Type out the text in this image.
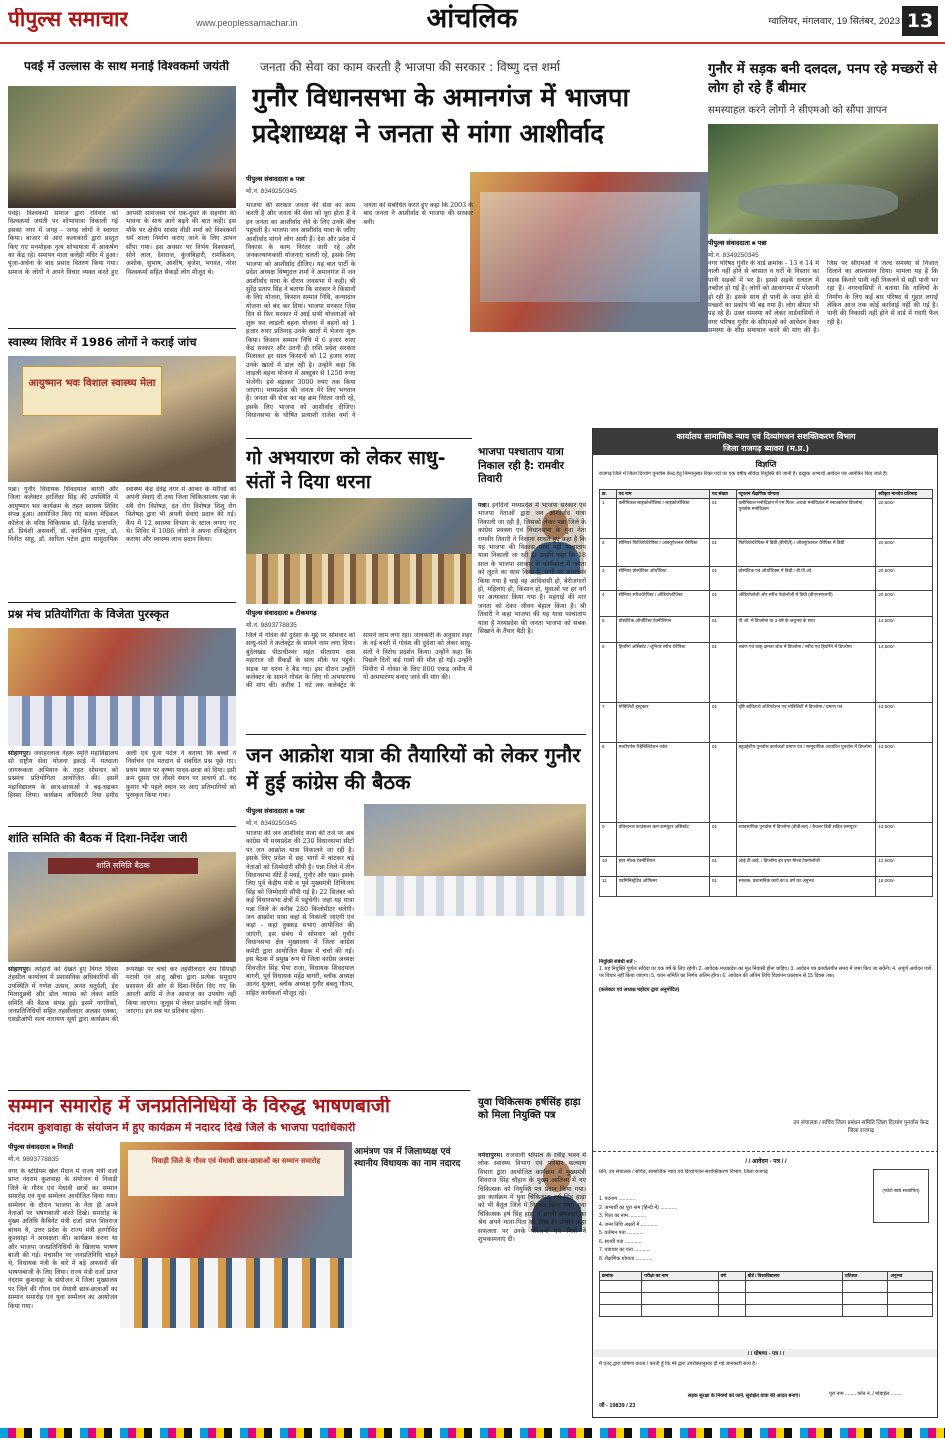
पीपुल्स समाचार	www.peoplessamachar.in	आंचलिक	ग्वालियर, मंगलवार, 19 सितंबर, 2023 13
पवई में उल्लास के साथ मनाई विश्वकर्मा जयंती
पवई। विश्वकर्मा समाज द्वारा रविवार को विश्वकर्मा जयंती पर शोभायात्रा निकाली गई इसका नगर में जगह - जगह लोगों ने स्वागत किया। बाजार से आए कलाकारों द्वारा प्रस्तुत किए गए मनमोहक नृत्य शोभायात्रा में आकर्षण का केंद्र रहे। समापन माता कलेही मंदिर में हुआ। पूजा-अर्चना के बाद प्रसाद वितरण किया गया। समाज के लोगों ने अपने विचार व्यक्त करते हुए आपसी सामंजस्य एवं एक-दूसरे के सहयोग की भावना के साथ आगे बढ़ने की बात कही। इस मौके पर क्षेत्रीय सांसद वीडी शर्मा को विश्वकर्मा धर्म शाला निर्माण कराए जाने के लिए ज्ञापन सौंपा गया। इस अवसर पर निर्भय विश्वकर्मा, सोने लाल, देशराज, कुंजबिहारी, रामकिशन, अशोक, सुभाष, आशीष, बृजेश, भगवत, नरेश विश्वकर्मा सहित सैकड़ों लोग मौजूद थे।
स्वास्थ्य शिविर में 1986 लोगों ने कराई जांच
आयुष्मान भवः विशाल स्वास्थ्य मेला
पन्ना। गुनौर विधायक शिवदयाल बागरी और जिला कलेक्टर हरजिंदर सिंह की उपस्थिति में आयुष्मान भव कार्यक्रम के तहत स्वास्थ्य शिविर संपन्न हुआ। आयोजित किए गए सतना मेडिकल कॉलेज के वरिष्ठ चिकित्सक डॉ. हितेंद्र प्रजापति, डॉ. प्रियंशी असवर्थी, डॉ. कार्तिकेय गुप्ता, डॉ. विनीत साहू, डॉ. सारिता पटेल द्वारा सामुदायिक स्वास्थ्य केंद्र देवेंद्र नगर में आकर के मरीजों को अपनी सेवाएं दी तथा जिला चिकित्सालय पन्ना के स्त्री रोग विशेषज्ञ, दंत रोग विशेषज्ञ शिशु रोग विशेषज्ञ द्वारा भी अपनी सेवाएं प्रदान की गई। कैंप में 12 स्वास्थ्य विभाग के स्टाल लगाए गए थे। शिविर में 1986 लोगों ने अपना रजिस्ट्रेशन कराया और स्वास्थ्य लाभ प्रदान किया।
प्रश्न मंच प्रतियोगिता के विजेता पुरस्कृत
सोहागपुर। जवाहरलाल नेहरू स्मृति महाविद्यालय सो राष्ट्रीय सेवा योजना इकाई में मतदाता जागरूकता अभियान के तहत सोमवार को प्रश्नमंच प्रतियोगिता आयोजित की। इसमें महाविद्यालय के छात्र-छात्राओं ने बढ़-चढ़कर हिस्सा लिया। कार्यक्रम अधिकारी रिया हमीद अली एवं पूजा पटेल ने बताया कि बच्चों ने निर्वाचन एवं मतदान से संबंधित प्रश्न पूछे गए। प्रथम स्थान पर कृष्णा यादव-छात्रा को दिया। इसी क्रम दूसरा एवं तीसरे स्थान पर प्राचार्य डॉ. नंद कुमार भी पहले स्थान पर आए प्रतिभागियों को पुरस्कृत किया गया।
शांति समिति की बैठक में दिशा-निर्देश जारी
शांति समिति बैठक
सोहागपुर। त्योहारों को देखते हुए विगत दिवस तहसील कार्यालय में प्रशासनिक अधिकारियों की उपस्थिति में गणेश उत्सव, अनंत चतुर्दशी, ईद मिलादुन्नबी और डोल ग्यारस को लेकर शांति समिति की बैठक संपन्न हुई। इसमें नागरिकों, जनप्रतिनिधियों सहित तहसीलदार अलका एक्का, एसडीओपी सत्य नारायण सूर्या द्वारा कार्यक्रम की रूपरेखा पर चर्चा कर तहसीलदार राम सिपाही मरावी एवं अंजू खीचा द्वारा प्रत्येक समुदाय प्रशासन की ओर से दिशा-निर्देश दिए गए कि आरती आदि में तेज आवाज का उपयोग नहीं किया जाएगा। जुलूस में लेकर प्रदर्शन नहीं किया जाएगा। इन सब पर प्रतिबंध रहेगा।
जनता की सेवा का काम करती है भाजपा की सरकार : विष्णु दत्त शर्मा
गुनौर विधानसभा के अमानगंज में भाजपा प्रदेशाध्यक्ष ने जनता से मांगा आशीर्वाद
पीपुल्स संवाददाता ■ पन्ना
मो.नं. 8349250345
भाजपा की सरकार जनता की सेवा का काम करती है और जनता की सेवा को पूरा होता हैं वे इन जनता का आशीर्वाद लेने के लिए उनके बीच पहुंचती है। भाजपा जन आशीर्वाद यात्रा के जरिए आशीर्वाद मांगने लोग आयी हैं। देश और प्रदेश में विकास के काम निरंतर जारी रहे और जनकल्याणकारी योजनाएं चलती रहें, इसके लिए भाजपा को आशीर्वाद दीजिए। यह बात पार्टी के प्रदेश अध्यक्ष विष्णुदत्त शर्मा ने अमानगंज में जन आशीर्वाद यात्रा के दौरान जनसभा में कही। श्री सुरेंद्र प्रताप सिंह ने बताया कि सरकार ने किसानों के लिए योजना, किसान सम्मान निधि, कन्यादान योजना को बंद कर दिया। भाजपा सरकार जिस दिन से फिर सरकार में आई सभी योजनाओं को शुरू कर लाड़ली बहना योजना में बहनों को 1 हजार रुपए प्रतिमाह उनके खातों में भेजना शुरू किया। किसान सम्मान निधि में 6 हजार रुपए केंद्र सरकार और उतनी ही राशि प्रदेश सरकार मिलाकर हर साल किसानों को 12 हजार रुपए उनके खातों में डाल रही है। उन्होंने कहा कि लाड़ली बहना योजना में अक्टूबर से 1250 रुपए भेजेंगी। इसे बढ़ाकर 3000 रुपए तक किया जाएगा। मध्यप्रदेश की जनता मेरे लिए भगवान है। जनता की सेवा का यह क्रम निरंतर जारी रहे, इसके लिए भाजपा को आशीर्वाद दीजिए। विधानसभा के घोषित प्रत्याशी राजेश वर्मा ने जनता को संबोधित करते हुए कहा कि 2003 के बाद जनता ने आशीर्वाद से भाजपा की सरकार बनी।
गो अभयारण को लेकर साधु-संतों ने दिया धरना
पीपुल्स संवाददाता ■ टीकमगढ़
मो.नं. 9893778835
जिले में गोवंश की दुर्दशा के मुद्दे पर सोमवार को साधु-संतों ने कलेक्ट्रेट के सामने जाम लगा दिया। बुंदेलखंड पीठाधीश्वर महंत सीताराम दास महाराज जी सैकड़ों के साथ मौके पर पहुंचे। सड़क पर धरना दे बैठ गए। इस दौरान उन्होंने कलेक्टर के सामने गोवंश के लिए गो अभयारण्य की मांग की। करीब 1 घंटे तक कलेक्ट्रेट के सामने जाम लगा रहा। जानकारी के अनुसार शहर के नई बस्ती में गोवंश की दुर्दशा को लेकर साधु-संतों ने विरोध प्रदर्शन किया। उन्होंने कहा कि पिछले दिनों कई गायों की मौत हो गई। उन्होंने मिनौरा में गोवंश के लिए 800 एकड़ जमीन में गो अभयारण्य बनाए जाने की मांग की।
भाजपा पश्चाताप यात्रा निकाल रही है: रामवीर तिवारी
पन्ना। इनदिनों मध्यप्रदेश में भाजपा सरकार एवं भाजपा नेताओं द्वारा जन आशीर्वाद यात्रा निकाली जा रही है, जिसको लेकर पन्ना जिले के कांग्रेस प्रवक्ता एवं विधानसभा के युवा नेता रामवीर तिवारी ने निशाना साधते हुए कहा है कि यह भाजपा की विकास यात्रा नहीं पश्चाताप यात्रा निकाली जा रही है। उन्होंने कहा कि 18 साल के भाजपा सरकार के कार्यकाल में जनता को लूटने का काम किया है, सभी पर अत्याचार किया गया है चाहे वह आदिवासी हो, बेरोजगारों हो, महिलाएं हो, किसान हो, युवाओं पर हर वर्ग पर अत्याचार किया गया है। महंगाई की मार जनता को देकर जीवन बेहाल किया है। श्री तिवारी ने कहा भाजपा की यह यात्रा पश्चाताप यात्रा है मध्यप्रदेश की जनता भाजपा को सबक सिखाने के तैयार बैठी है।
जन आक्रोश यात्रा की तैयारियों को लेकर गुनौर में हुई कांग्रेस की बैठक
पीपुल्स संवाददाता ■ पन्ना
मो.नं. 8349250345
भाजपा की जन आशीर्वाद यात्रा की तर्ज पर अब कांग्रेस भी मध्यप्रदेश की 230 विधानसभा सीटों पर जन आक्रोश यात्रा निकालने जा रही है। इसके लिए प्रदेश में छह भागों में बांटकर बड़े नेताओं को जिम्मेदारी सौंपी है। पन्ना जिले में तीन विधानसभा सीटें हैं पवई, गुनौर और पन्ना। इसके लिए पूर्व केंद्रीय मंत्री व पूर्व मुख्यमंत्री दिग्विजय सिंह को जिम्मेदारी सौंपी गई है। 22 सितंबर को कई विधानसभा क्षेत्रों में पहुंचेगी। जहां यह यात्रा पन्ना जिले के करीब 280 किलोमीटर चलेगी। जन आक्रोश यात्रा कहां से निकाली जाएगी एवं कहां - कहां नुक्कड़ सभाएं आयोजित की जाएंगी, इस संबंध में सोमवार को गुनौर विधानसभा क्षेत्र मुख्यालय में जिला कांग्रेस कमेटी द्वारा आयोजित बैठक में चर्चा की गई। इस बैठक में प्रमुख रूप से जिला कांग्रेस अध्यक्ष शिवजीत सिंह भैया राजा, विधायक शिवदयाल बागरी, पूर्व विधायक महेंद्र बागरी, ब्लॉक अध्यक्ष आनंद शुक्ला, ब्लॉक अध्यक्ष गुनौर बबलू गौतम, सहित कार्यकर्ता मौजूद रहे।
गुनौर में सड़क बनी दलदल, पनप रहे मच्छरों से लोग हो रहे हैं बीमार
समस्याहल करने लोगों ने सीएमओ को सौंपा ज्ञापन
पीपुल्स संवाददाता ■ पन्ना
मो.नं. 8349250345
नगर परिषद गुनौर के वार्ड क्रमांक - 13 व 14 में नाली नहीं होने से बरसात व घरों के निस्तार का पानी सड़कों में भर है। इससे सड़कें दलदल में तब्दील हो गई हैं। लोगों को आवागमन में परेशानी हो रही है। इसके साथ ही पानी के जमा होने से मच्छरों का प्रकोप भी बढ़ गया है। लोग बीमार भी पड़ रहे हैं। उक्त समस्या को लेकर वार्डवासियों ने नगर परिषद गुनौर के सीएमओ को आवेदन देकर समस्या के शीघ्र समाधान करने की मांग की है। जिस पर सीएमओ ने जल्द समस्या से निजात दिलाने का आश्वासन दिया। मामला यह है कि सड़क किनारे पानी नहीं निकलने से यही पानी भर रहा है। नगरवासियों ने बताया कि नालियों के निर्माण के लिए कई बार परिषद से गुहार लगाई लेकिन आज तक कोई कार्रवाई नहीं की गई है। पानी की निकासी नहीं होने से वार्ड में गंदगी फैल रही है।
कार्यालय सामाजिक न्याय एवं दिव्यांगजन सशक्तिकरण विभाग
जिला राजगढ़ ब्यावरा (म.प्र.)
विज्ञप्ति
राजगढ़ जिले में जिला दिव्यांग पुनर्वास केन्द्र हेतु निम्नानुसार रिक्त पदों पर एक वर्षीय संविदा नियुक्ति की जानी है। इच्छुक अभ्यर्थी आवेदन पत्र आमंत्रित किए जाते हैं।
क्र.	पद नाम	पद संख्या	न्यूनतम शैक्षणिक योग्यता	स्वीकृत मानदेय प्रतिमाह
1	क्लीनिकल साइकोलॉजिस्ट / साइकोलॉजिस्ट	01	क्लीनिकल मनोविज्ञान में एम.फिल. अथवा मनोविज्ञान में स्नातकोत्तर डिप्लोमा, पुनर्वास मनोविज्ञान	20,500/-
2	सीनियर फिजियोथेरेपिस्ट / आक्यूपेशनल थैरेपिस्ट	01	फिजियोथेरेपिस्ट में डिग्री (बीपीटी) / ऑक्यूपेशनल थैरेपिस्ट में डिग्री	20,500/-
3	सीनियर प्रोस्थेटिस्ट ऑर्थोटिस्ट	01	प्रोस्थेटिक एवं ऑर्थोटिक्स में डिग्री / बी.पी.ओ.	20,500/-
4	सीनियर स्पीचथेरेपिस्ट / ऑडियोलॉजिस्ट	01	ऑडियोलॉजी और स्पीच पेथोलॉजी में डिग्री (बीएएसएलपी)	20,500/-
5	प्रोस्थेटिक ऑर्थोटिस्ट टेक्नीशियन	01	पी.ओ. में डिप्लोमा या 3 वर्ष के अनुभव के साथ	14,500/-
6	हियरिंग असिस्टेंट / जूनियर स्पीच थेरेपिस्ट	01	श्रवण एवं वाक् क्षमता जांच में डिप्लोमा / स्पीच एवं हियरिंग में डिप्लोमा	14,500/-
7	मोबिलिटी इंस्ट्रक्टर	01	दृष्टि बाधितार्थ ओरिएंटेशन एवं मोबिलिटी में डिप्लोमा / प्रमाण पत्र	14,500/-
8	मल्टीपर्पस रिहैबिलिटेशन वर्कर	01	बहुउद्देशीय पुनर्वास कार्यकर्ता प्रमाण पत्र / सामुदायिक आधारित पुनर्वास में डिप्लोमा	14,500/-
9	वोकेशनल काउंसलर कम कम्प्यूटर असिस्टेंट	01	व्यावसायिक पुनर्वास में डिप्लोमा (डीवीआर) / बैचलर डिग्री सहित कम्प्यूटर	14,500/-
10	इयर मोल्ड टेक्नीशियन	01	आई.टी.आई. / डिप्लोमा इन इयर मोल्ड टेक्नोलॉजी	12,500/-
11	एडमिनिस्ट्रेटिव ऑफिसर	01	स्नातक, प्रशासनिक कार्य का 5 वर्ष का अनुभव	18,000/-
नियुक्ति संबंधी शर्तें :-
1. यह नियुक्ति पूर्णतः संविदा पर एक वर्ष के लिए रहेगी। 2. आवेदक मध्यप्रदेश का मूल निवासी होना चाहिए। 3. आवेदन पत्र कार्यालयीन समय में जमा किए जा सकेंगे। 4. अपूर्ण आवेदन पत्रों पर विचार नहीं किया जाएगा। 5. चयन समिति का निर्णय अंतिम होगा। 6. आवेदन की अंतिम तिथि विज्ञापन प्रकाशन से 15 दिवस तक।
(कलेक्टर एवं अध्यक्ष महोदय द्वारा अनुमोदित)
उप संचालक / सचिव जिला प्रबंधन समिति जिला दिव्यांग पुनर्वास केन्द्र जिला राजगढ़
/ / आवेदन - पत्र / /
प्रति, उप संचालक / सचिव, सामाजिक न्याय एवं दिव्यांगजन सशक्तिकरण विभाग, जिला राजगढ़
(फोटो स्वयं सत्यापित)
1. पदनाम ............
2. अभ्यर्थी का पूरा नाम (हिन्दी में) ............
3. पिता का नाम ............
4. जन्म तिथि अक्षरों में ............
5. वर्तमान पता ............
6. स्थायी पता ............
7. पत्राचार का पता ............
8. शैक्षणिक योग्यता ............
क्रमांक	परीक्षा का नाम	वर्ष	बोर्ड / विश्वविद्यालय	प्रतिशत	अनुभव

/ / घोषणा - पत्र / /
मैं एतद् द्वारा घोषणा करता / करती हूँ कि मेरे द्वारा उपरोक्तानुसार दी गई जानकारी सत्य है।
जी - 19839 / 23
सड़क सुरक्षा के नियमों को जानें, सुरक्षित यात्रा की आदत बनाएं।	पूरा नाम ........ फोन नं. / मोबाईल ........
सम्मान समारोह में जनप्रतिनिधियों के विरुद्ध भाषणबाजी
नंदराम कुशवाहा के संयोजन में हुए कार्यक्रम में नदारद दिखे जिले के भाजपा पदाधिकारी
पीपुल्स संवाददाता ■ निवाड़ी
मो.नं. 9893778835	निवाड़ी जिले के गौरव एवं मेधावी छात्र-छात्राओं का सम्मान समारोह
आमंत्रण पत्र में जिलाध्यक्ष एवं स्थानीय विधायक का नाम नदारद
नगर के स्टेडियम खेल मैदान में राज्य मंत्री दर्जा प्राप्त नंदराम कुशवाहा के संयोजन में निवाड़ी जिले के गौरव एवं मेधावी छात्रों का सम्मान समारोह एवं युवा सम्मेलन आयोजित किया गया। सम्मेलन के दौरान भाजपा के नेता ही अपने नेताओं पर भषणबाजी करते दिखे। समारोह के मुख्य अतिथि कैबिनेट मंत्री दर्जा प्राप्त शिवराज बाथम थे, उत्तर प्रदेश के राज्य मंत्री हरगोविंद कुशवाहा ने अध्यक्षता की। कार्यक्रम करना था और भाजपा जनप्रतिनिधियों के खिलाफ भाषण बाजी की गई। मंचासीन पर जनप्रतिनिधि चाहते थे, विधायक मंत्री के बारे में बड़े अफसरों की भाषणबाजी के लिए लिया। राज्य मंत्री दर्जा प्राप्त नंदराम कुशवाहा के संयोजन में जिला मुख्यालय पर जिले की गौरव एवं मेधावी छात्र-छात्राओं का सम्मान समारोह एवं युवा सम्मेलन का आयोजन किया गया।
युवा चिकित्सक हर्षसिंह हाड़ा को मिला नियुक्ति पत्र
नर्मदापुरम। राजधानी भोपाल के रवींद्र भवन में लोक स्वास्थ्य विभाग एवं परिवार कल्याण विभाग द्वारा आयोजित कार्यक्रम में मुख्यमंत्री शिवराज सिंह चौहान के मुख्य आतिथ्य में नए चिकित्सक को नियुक्ति पत्र प्रदान किया गया। इस कार्यक्रम में युवा चिकित्सक हर्ष सिंह हाड़ा को भी बैतूल जिले में नियुक्त किया गया। युवा चिकित्सक हर्ष सिंह हाड़ा ने अपनी सफलता का श्रेय अपने माता-पिता को दिया है। उन्होंने कहा सफलता पर उनके परिजनों एवं मित्रों ने शुभकामनाएं दी।
